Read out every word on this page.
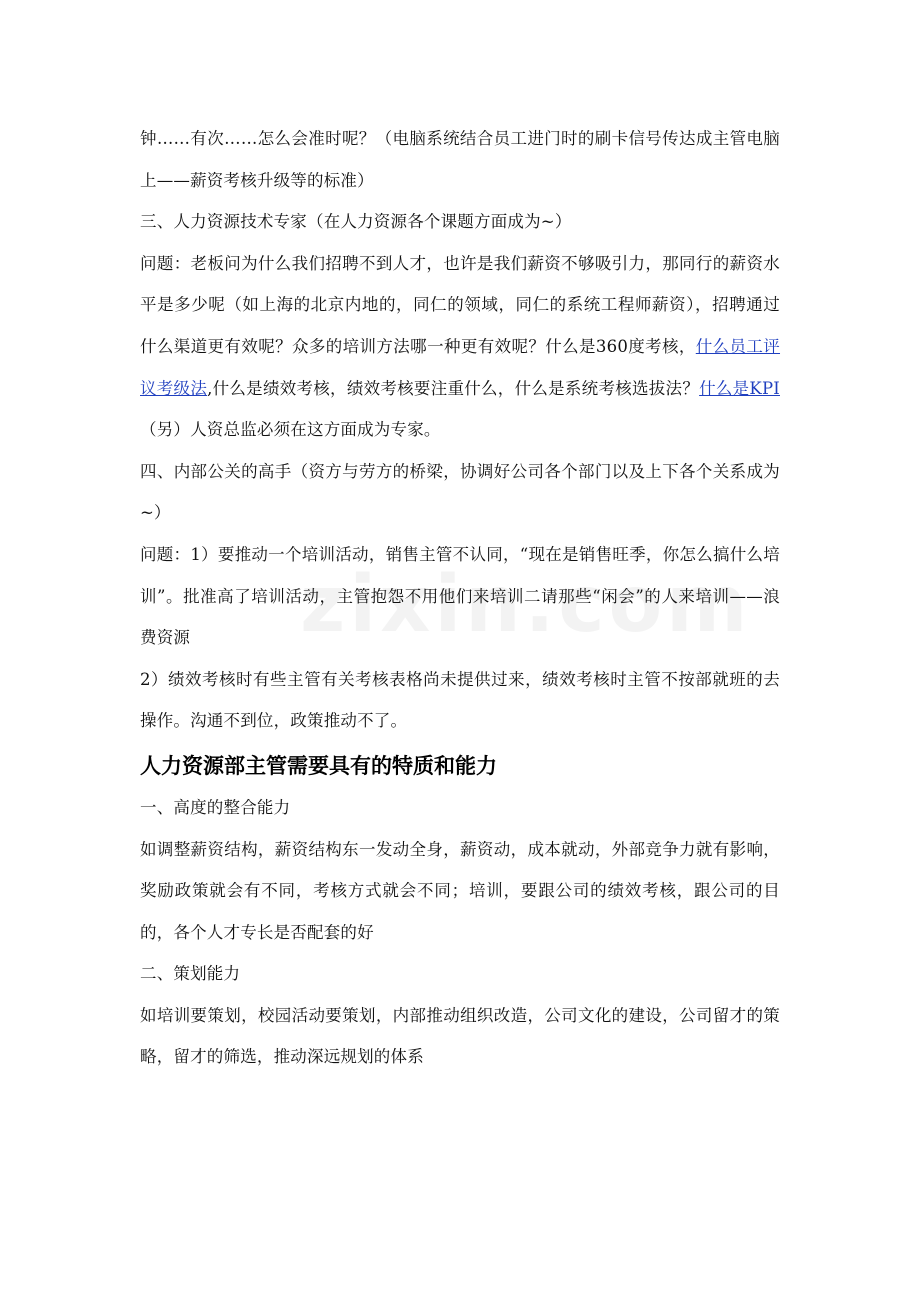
钟……有次……怎么会准时呢？（电脑系统结合员工进门时的刷卡信号传达成主管电脑上——薪资考核升级等的标准）

三、人力资源技术专家（在人力资源各个课题方面成为~）

问题：老板问为什么我们招聘不到人才，也许是我们薪资不够吸引力，那同行的薪资水平是多少呢（如上海的北京内地的，同仁的领域，同仁的系统工程师薪资），招聘通过什么渠道更有效呢？众多的培训方法哪一种更有效呢？什么是360度考核，什么员工评议考级法,什么是绩效考核，绩效考核要注重什么，什么是系统考核选拔法？什么是KPI（另）人资总监必须在这方面成为专家。

四、内部公关的高手（资方与劳方的桥梁，协调好公司各个部门以及上下各个关系成为~）

问题：1）要推动一个培训活动，销售主管不认同，“现在是销售旺季，你怎么搞什么培训”。批准高了培训活动，主管抱怨不用他们来培训二请那些“闲会”的人来培训——浪费资源

2）绩效考核时有些主管有关考核表格尚未提供过来，绩效考核时主管不按部就班的去操作。沟通不到位，政策推动不了。

人力资源部主管需要具有的特质和能力

一、高度的整合能力

如调整薪资结构，薪资结构东一发动全身，薪资动，成本就动，外部竞争力就有影响，奖励政策就会有不同，考核方式就会不同；培训，要跟公司的绩效考核，跟公司的目的，各个人才专长是否配套的好

二、策划能力

如培训要策划，校园活动要策划，内部推动组织改造，公司文化的建设，公司留才的策略，留才的筛选，推动深远规划的体系
